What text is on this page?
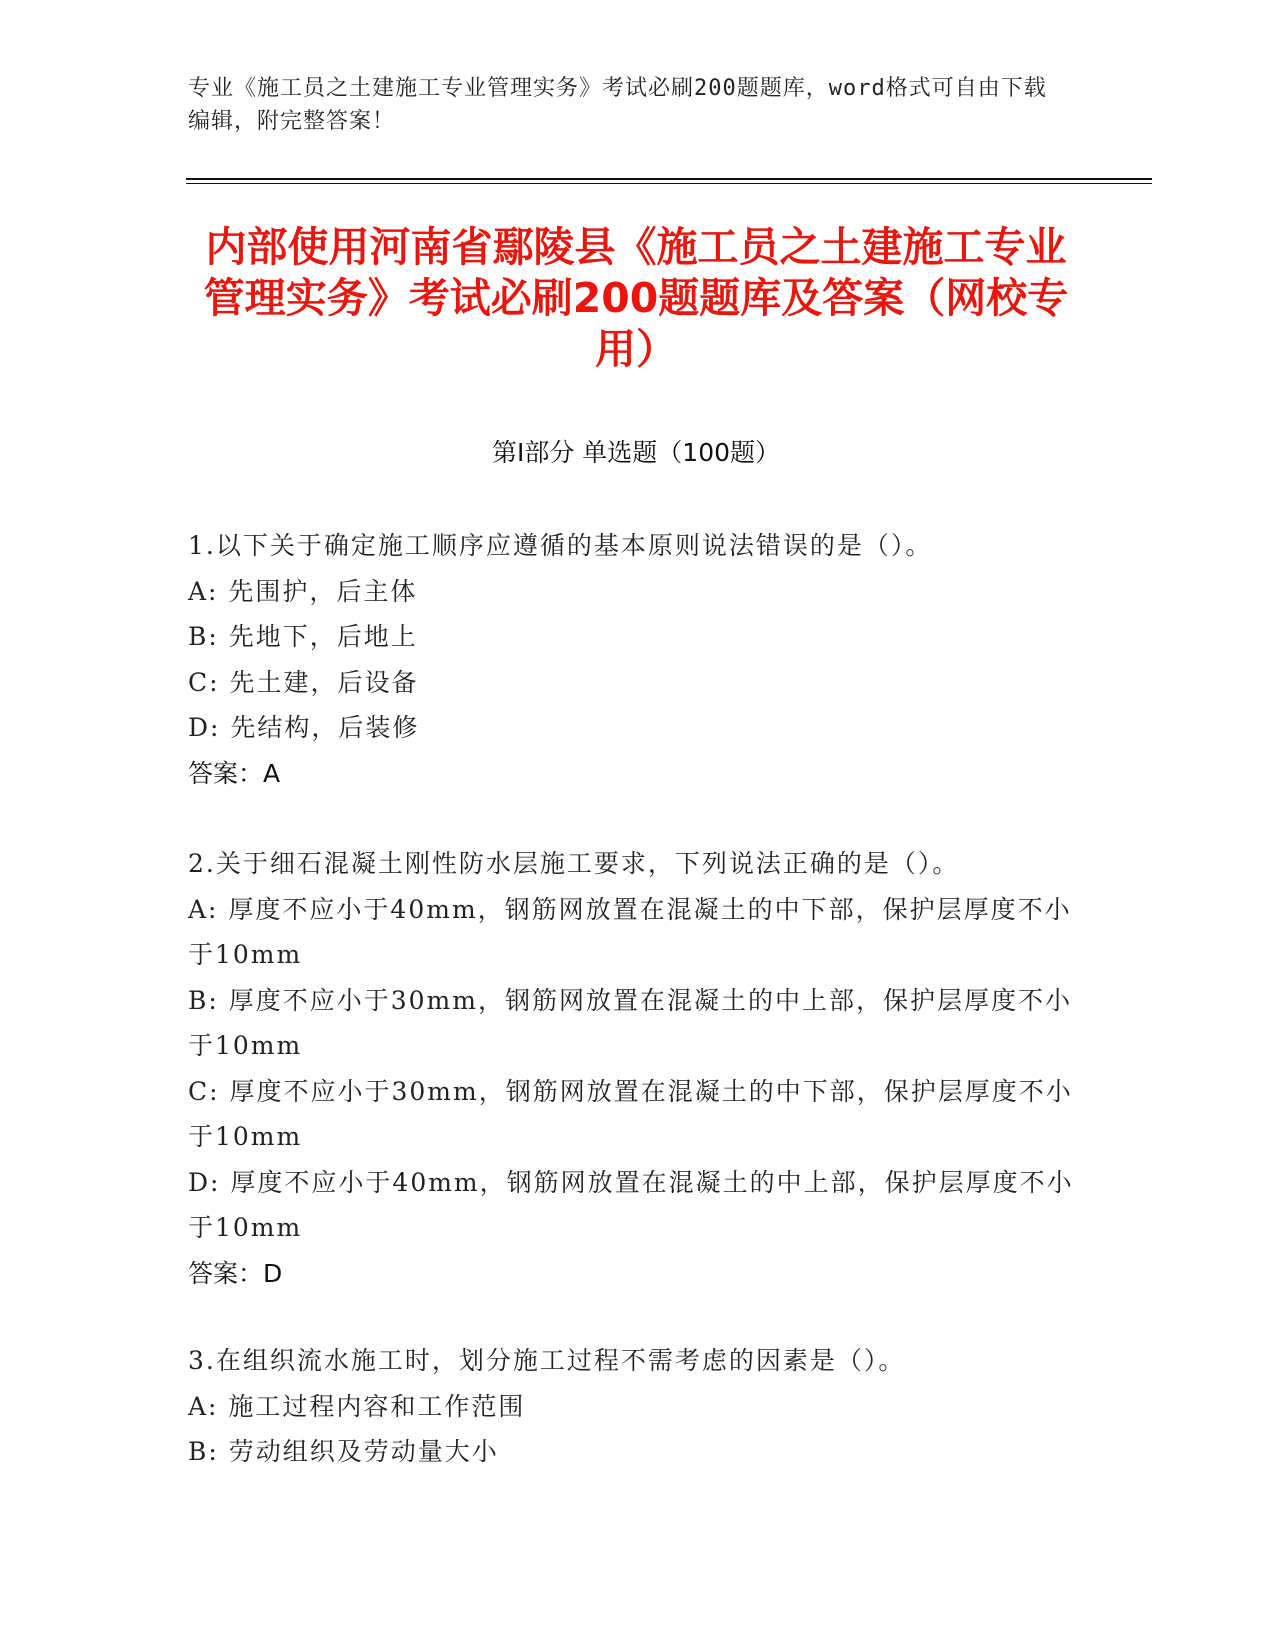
专业《施工员之土建施工专业管理实务》考试必刷200题题库，word格式可自由下载编辑，附完整答案！
内部使用河南省鄢陵县《施工员之土建施工专业管理实务》考试必刷200题题库及答案（网校专用）
第I部分 单选题（100题）
1.以下关于确定施工顺序应遵循的基本原则说法错误的是（）。
A: 先围护，后主体
B: 先地下，后地上
C: 先土建，后设备
D: 先结构，后装修
答案：A
2.关于细石混凝土刚性防水层施工要求，下列说法正确的是（）。
A: 厚度不应小于40mm，钢筋网放置在混凝土的中下部，保护层厚度不小于10mm
B: 厚度不应小于30mm，钢筋网放置在混凝土的中上部，保护层厚度不小于10mm
C: 厚度不应小于30mm，钢筋网放置在混凝土的中下部，保护层厚度不小于10mm
D: 厚度不应小于40mm，钢筋网放置在混凝土的中上部，保护层厚度不小于10mm
答案：D
3.在组织流水施工时，划分施工过程不需考虑的因素是（）。
A: 施工过程内容和工作范围
B: 劳动组织及劳动量大小
